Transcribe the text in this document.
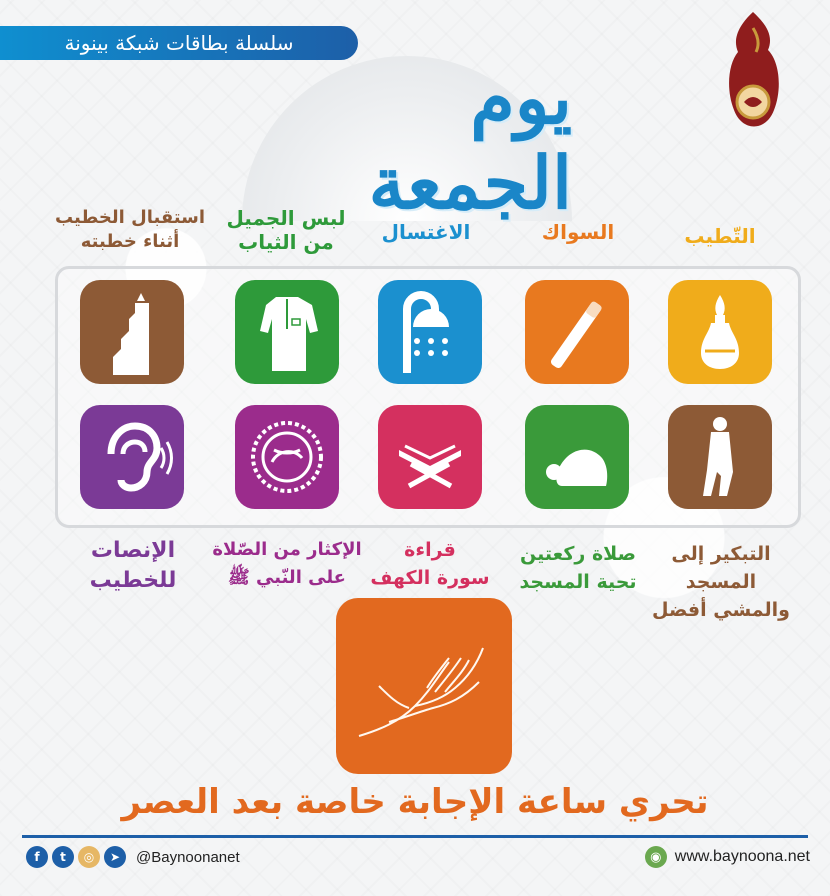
سلسلة بطاقات شبكة بينونة
يوم الجمعة
التّطيب
السواك
الاغتسال
لبس الجميل
من الثياب
استقبال الخطيب
أثناء خطبته
التبكير إلى المسجد
والمشي أفضل
صلاة ركعتين
تحية المسجد
قراءة
سورة الكهف
الإكثار من الصّلاة
على النّبي ﷺ
الإنصات
للخطيب
تحري ساعة الإجابة خاصة بعد العصر
f	t	◎	➤	@Baynoonanet	◉ www.baynoona.net
